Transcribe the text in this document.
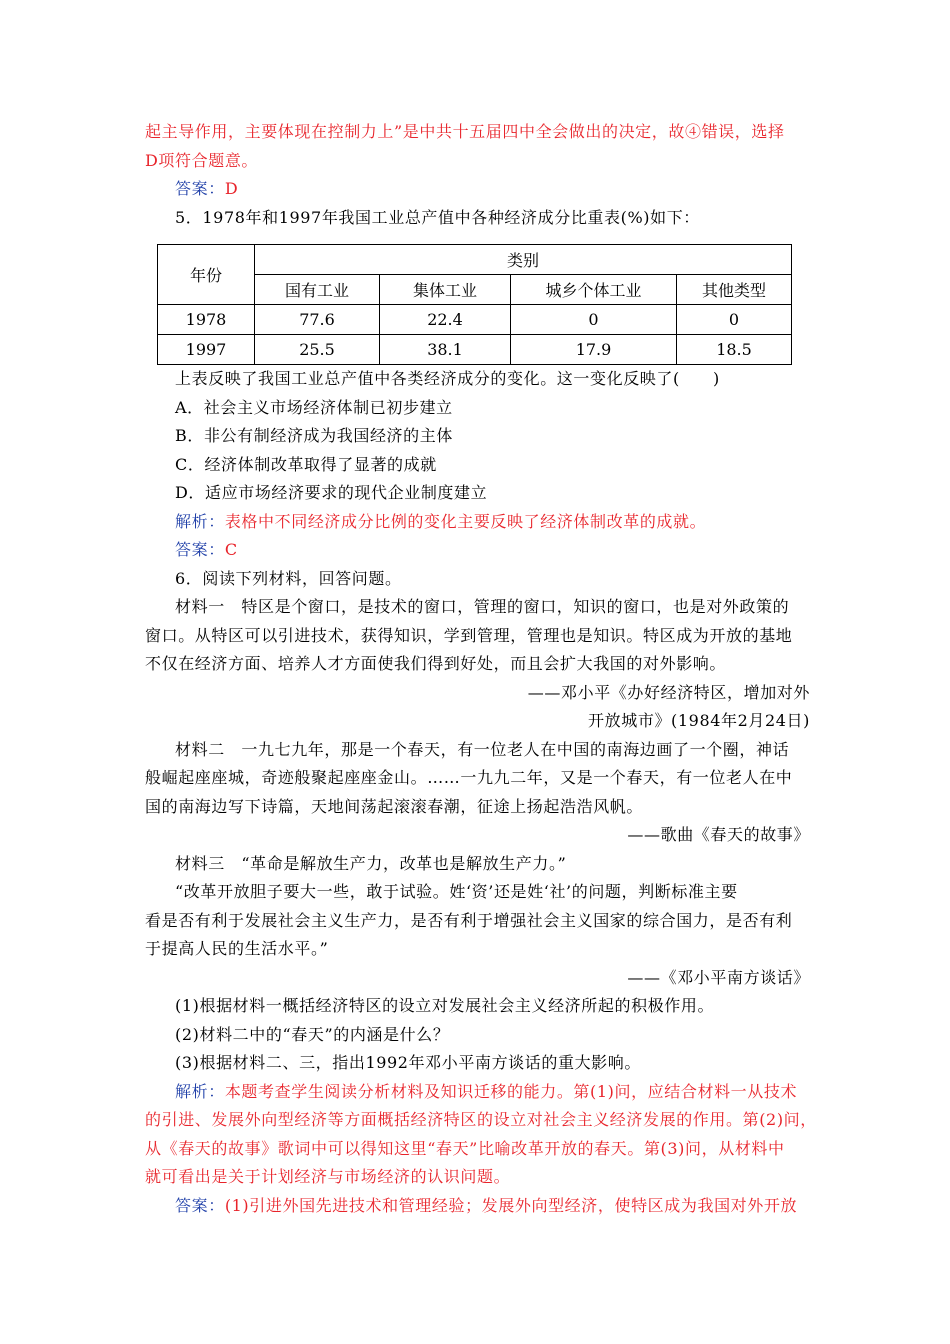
起主导作用，主要体现在控制力上”是中共十五届四中全会做出的决定，故④错误，选择
D项符合题意。
答案：D
5．1978年和1997年我国工业总产值中各种经济成分比重表(%)如下：
年份	类别			
	国有工业	集体工业	城乡个体工业	其他类型
1978	77.6	22.4	0	0
1997	25.5	38.1	17.9	18.5
上表反映了我国工业总产值中各类经济成分的变化。这一变化反映了(　　)
A．社会主义市场经济体制已初步建立
B．非公有制经济成为我国经济的主体
C．经济体制改革取得了显著的成就
D．适应市场经济要求的现代企业制度建立
解析：表格中不同经济成分比例的变化主要反映了经济体制改革的成就。
答案：C
6．阅读下列材料，回答问题。
材料一　特区是个窗口，是技术的窗口，管理的窗口，知识的窗口，也是对外政策的
窗口。从特区可以引进技术，获得知识，学到管理，管理也是知识。特区成为开放的基地
不仅在经济方面、培养人才方面使我们得到好处，而且会扩大我国的对外影响。
——邓小平《办好经济特区，增加对外
开放城市》(1984年2月24日)
材料二　一九七九年，那是一个春天，有一位老人在中国的南海边画了一个圈，神话
般崛起座座城，奇迹般聚起座座金山。……一九九二年，又是一个春天，有一位老人在中
国的南海边写下诗篇，天地间荡起滚滚春潮，征途上扬起浩浩风帆。
——歌曲《春天的故事》
材料三　“革命是解放生产力，改革也是解放生产力。”
“改革开放胆子要大一些，敢于试验。姓‘资’还是姓‘社’的问题，判断标准主要
看是否有利于发展社会主义生产力，是否有利于增强社会主义国家的综合国力，是否有利
于提高人民的生活水平。”
——《邓小平南方谈话》
(1)根据材料一概括经济特区的设立对发展社会主义经济所起的积极作用。
(2)材料二中的“春天”的内涵是什么？
(3)根据材料二、三，指出1992年邓小平南方谈话的重大影响。
解析：本题考查学生阅读分析材料及知识迁移的能力。第(1)问，应结合材料一从技术
的引进、发展外向型经济等方面概括经济特区的设立对社会主义经济发展的作用。第(2)问，
从《春天的故事》歌词中可以得知这里“春天”比喻改革开放的春天。第(3)问，从材料中
就可看出是关于计划经济与市场经济的认识问题。
答案：(1)引进外国先进技术和管理经验；发展外向型经济，使特区成为我国对外开放
